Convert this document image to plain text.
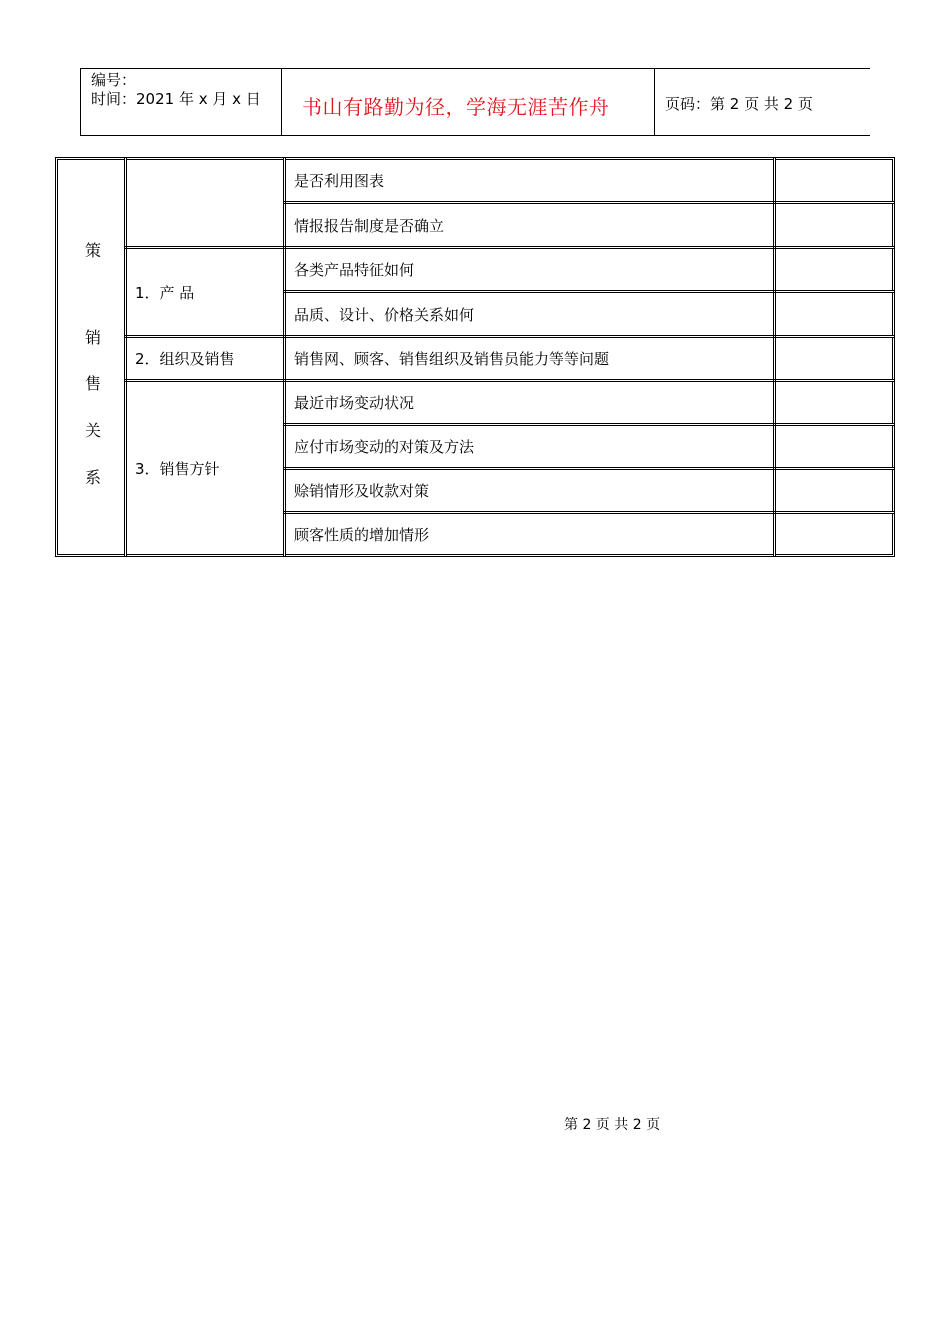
编号：
时间：2021 年 x 月 x 日 书山有路勤为径，学海无涯苦作舟	页码：第 2 页 共 2 页
策
销
售
关
系
1．产 品
2．组织及销售
3．销售方针
是否利用图表
情报报告制度是否确立
各类产品特征如何
品质、设计、价格关系如何
销售网、顾客、销售组织及销售员能力等等问题
最近市场变动状况
应付市场变动的对策及方法
赊销情形及收款对策
顾客性质的增加情形
第 2 页 共 2 页
